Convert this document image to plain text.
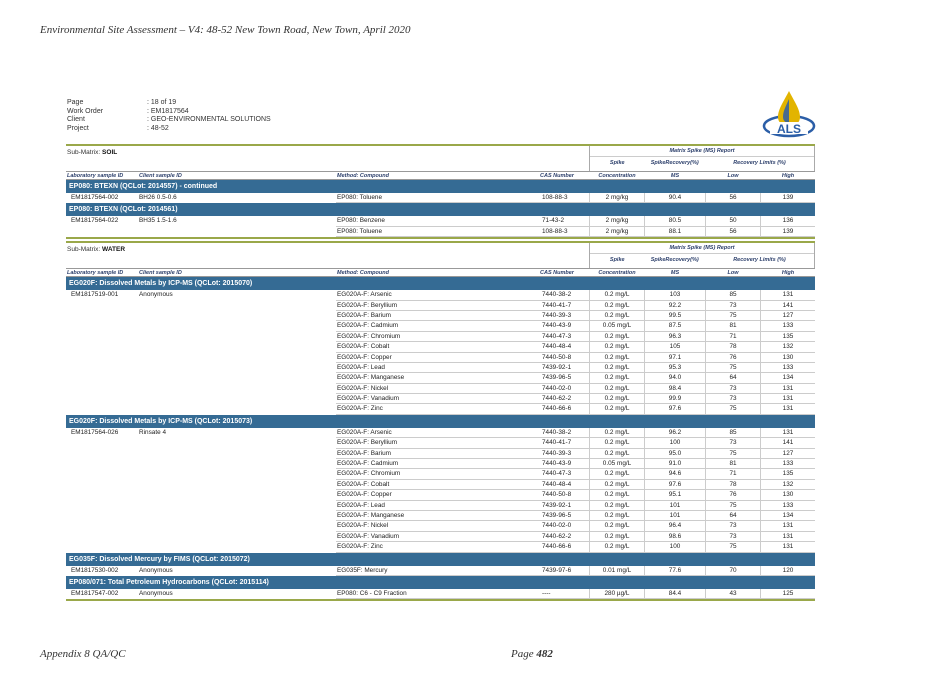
Environmental Site Assessment – V4: 48-52 New Town Road, New Town, April 2020
Page	: 18 of 19
Work Order	: EM1817564
Client	: GEO-ENVIRONMENTAL SOLUTIONS
Project	: 48-52	ALS
Sub-Matrix: SOIL	Matrix Spike (MS) Report
Spike	SpikeRecovery(%)	Recovery Limits (%)
Laboratory sample ID	Client sample ID	Method: Compound	CAS Number	Concentration	MS	Low	High
EP080: BTEXN (QCLot: 2014557) - continued
EM1817564-002	BH26 0.5-0.6	EP080: Toluene	108-88-3	2 mg/kg	90.4	56	139
EP080: BTEXN (QCLot: 2014561)
EM1817564-022	BH35 1.5-1.6	EP080: Benzene	71-43-2	2 mg/kg	80.5	50	136
EP080: Toluene	108-88-3	2 mg/kg	88.1	56	139
Sub-Matrix: WATER	Matrix Spike (MS) Report
Spike	SpikeRecovery(%)	Recovery Limits (%)
Laboratory sample ID	Client sample ID	Method: Compound	CAS Number	Concentration	MS	Low	High
EG020F: Dissolved Metals by ICP-MS (QCLot: 2015070)
EM1817519-001	Anonymous	EG020A-F: Arsenic	7440-38-2	0.2 mg/L	103	85	131
EG020A-F: Beryllium	7440-41-7	0.2 mg/L	92.2	73	141
EG020A-F: Barium	7440-39-3	0.2 mg/L	99.5	75	127
EG020A-F: Cadmium	7440-43-9	0.05 mg/L	87.5	81	133
EG020A-F: Chromium	7440-47-3	0.2 mg/L	96.3	71	135
EG020A-F: Cobalt	7440-48-4	0.2 mg/L	105	78	132
EG020A-F: Copper	7440-50-8	0.2 mg/L	97.1	76	130
EG020A-F: Lead	7439-92-1	0.2 mg/L	95.3	75	133
EG020A-F: Manganese	7439-96-5	0.2 mg/L	94.0	64	134
EG020A-F: Nickel	7440-02-0	0.2 mg/L	98.4	73	131
EG020A-F: Vanadium	7440-62-2	0.2 mg/L	99.9	73	131
EG020A-F: Zinc	7440-66-6	0.2 mg/L	97.6	75	131
EG020F: Dissolved Metals by ICP-MS (QCLot: 2015073)
EM1817564-026	Rinsate 4	EG020A-F: Arsenic	7440-38-2	0.2 mg/L	96.2	85	131
EG020A-F: Beryllium	7440-41-7	0.2 mg/L	100	73	141
EG020A-F: Barium	7440-39-3	0.2 mg/L	95.0	75	127
EG020A-F: Cadmium	7440-43-9	0.05 mg/L	91.0	81	133
EG020A-F: Chromium	7440-47-3	0.2 mg/L	94.6	71	135
EG020A-F: Cobalt	7440-48-4	0.2 mg/L	97.6	78	132
EG020A-F: Copper	7440-50-8	0.2 mg/L	95.1	76	130
EG020A-F: Lead	7439-92-1	0.2 mg/L	101	75	133
EG020A-F: Manganese	7439-96-5	0.2 mg/L	101	64	134
EG020A-F: Nickel	7440-02-0	0.2 mg/L	96.4	73	131
EG020A-F: Vanadium	7440-62-2	0.2 mg/L	98.6	73	131
EG020A-F: Zinc	7440-66-6	0.2 mg/L	100	75	131
EG035F: Dissolved Mercury by FIMS (QCLot: 2015072)
EM1817530-002	Anonymous	EG035F: Mercury	7439-97-6	0.01 mg/L	77.6	70	120
EP080/071: Total Petroleum Hydrocarbons (QCLot: 2015114)
EM1817547-002	Anonymous	EP080: C6 - C9 Fraction	----	280 µg/L	84.4	43	125
Appendix 8 QA/QC	Page 482
